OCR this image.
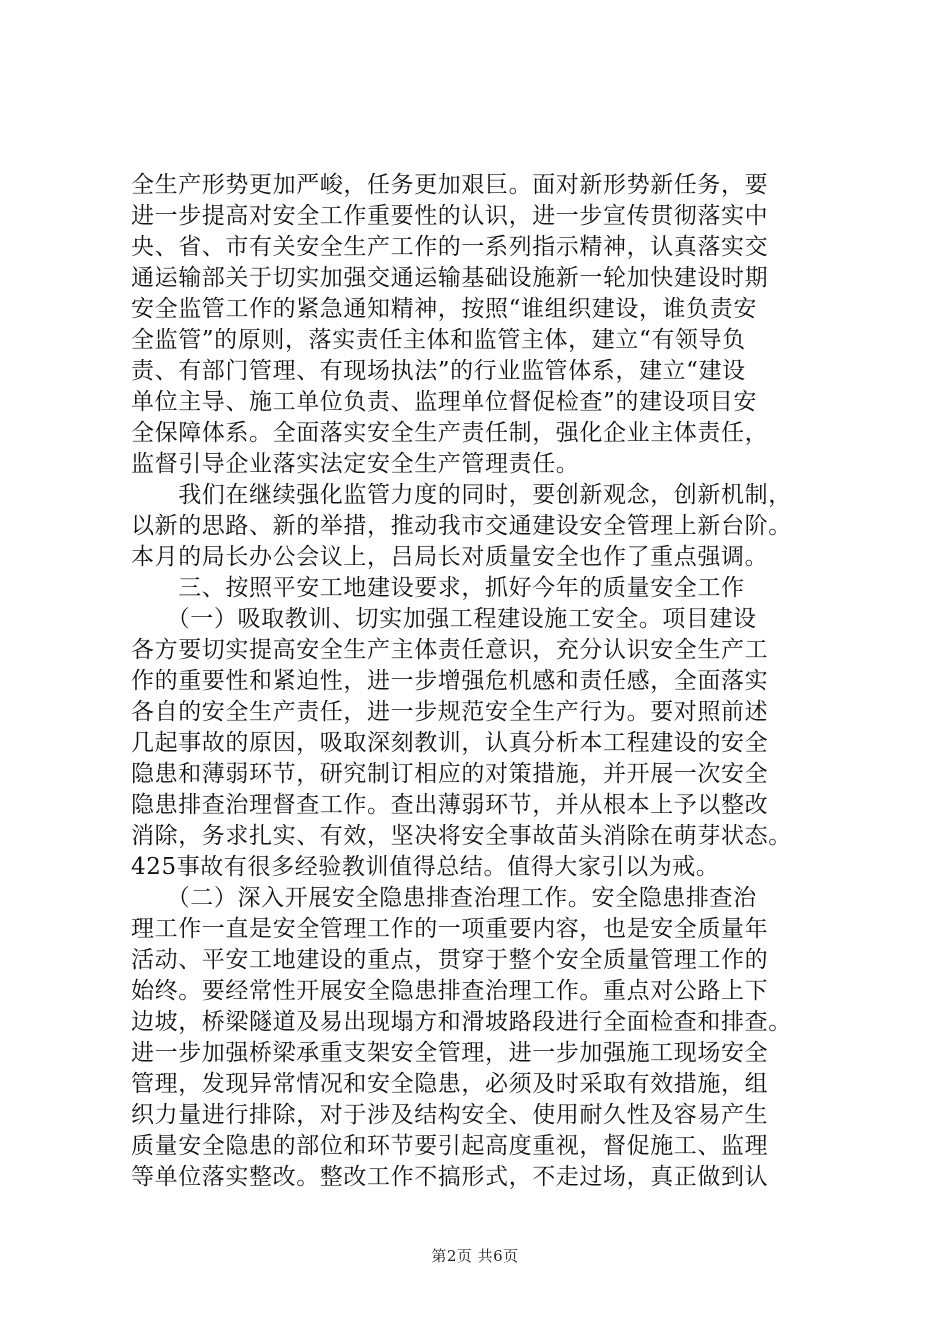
全生产形势更加严峻，任务更加艰巨。面对新形势新任务，要
进一步提高对安全工作重要性的认识，进一步宣传贯彻落实中
央、省、市有关安全生产工作的一系列指示精神，认真落实交
通运输部关于切实加强交通运输基础设施新一轮加快建设时期
安全监管工作的紧急通知精神，按照“谁组织建设，谁负责安
全监管”的原则，落实责任主体和监管主体，建立“有领导负
责、有部门管理、有现场执法”的行业监管体系，建立“建设
单位主导、施工单位负责、监理单位督促检查”的建设项目安
全保障体系。全面落实安全生产责任制，强化企业主体责任，
监督引导企业落实法定安全生产管理责任。
　　我们在继续强化监管力度的同时，要创新观念，创新机制，
以新的思路、新的举措，推动我市交通建设安全管理上新台阶。
本月的局长办公会议上，吕局长对质量安全也作了重点强调。
　　三、按照平安工地建设要求，抓好今年的质量安全工作
　　（一）吸取教训、切实加强工程建设施工安全。项目建设
各方要切实提高安全生产主体责任意识，充分认识安全生产工
作的重要性和紧迫性，进一步增强危机感和责任感，全面落实
各自的安全生产责任，进一步规范安全生产行为。要对照前述
几起事故的原因，吸取深刻教训，认真分析本工程建设的安全
隐患和薄弱环节，研究制订相应的对策措施，并开展一次安全
隐患排查治理督查工作。查出薄弱环节，并从根本上予以整改
消除，务求扎实、有效，坚决将安全事故苗头消除在萌芽状态。
425事故有很多经验教训值得总结。值得大家引以为戒。
　　（二）深入开展安全隐患排查治理工作。安全隐患排查治
理工作一直是安全管理工作的一项重要内容，也是安全质量年
活动、平安工地建设的重点，贯穿于整个安全质量管理工作的
始终。要经常性开展安全隐患排查治理工作。重点对公路上下
边坡，桥梁隧道及易出现塌方和滑坡路段进行全面检查和排查。
进一步加强桥梁承重支架安全管理，进一步加强施工现场安全
管理，发现异常情况和安全隐患，必须及时采取有效措施，组
织力量进行排除，对于涉及结构安全、使用耐久性及容易产生
质量安全隐患的部位和环节要引起高度重视，督促施工、监理
等单位落实整改。整改工作不搞形式，不走过场，真正做到认
第2页 共6页
